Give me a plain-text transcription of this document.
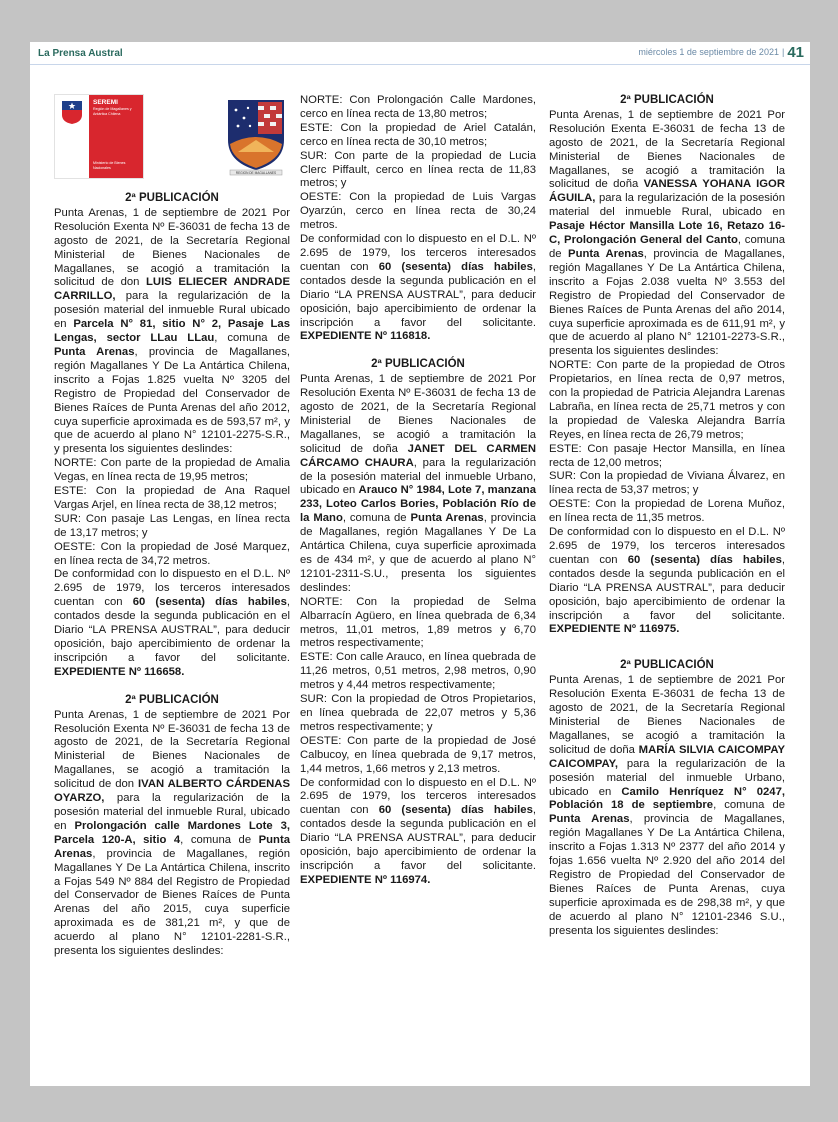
La Prensa Austral	miércoles 1 de septiembre de 2021 | 41
SEREMI
Región de Magallanes y Antártica Chilena
Ministerio de Bienes Nacionales
REGION DE MAGALLANES
2ª PUBLICACIÓN

Punta Arenas, 1 de septiembre de 2021 Por Resolución Exenta Nº E-36031 de fecha 13 de agosto de 2021, de la Secretaría Regional Ministerial de Bienes Nacionales de Magallanes, se acogió a tramitación la solicitud de don LUIS ELIECER ANDRADE CARRILLO, para la regularización de la posesión material del inmueble Rural ubicado en Parcela N° 81, sitio N° 2, Pasaje Las Lengas, sector LLau LLau, comuna de Punta Arenas, provincia de Magallanes, región Magallanes Y De La Antártica Chilena, inscrito a Fojas 1.825 vuelta Nº 3205 del Registro de Propiedad del Conservador de Bienes Raíces de Punta Arenas del año 2012, cuya superficie aproximada es de 593,57 m², y que de acuerdo al plano N° 12101-2275-S.R., y presenta los siguientes deslindes:

NORTE: Con parte de la propiedad de Amalia Vegas, en línea recta de 19,95 metros;

ESTE: Con la propiedad de Ana Raquel Vargas Arjel, en línea recta de 38,12 metros;

SUR: Con pasaje Las Lengas, en línea recta de 13,17 metros; y

OESTE: Con la propiedad de José Marquez, en línea recta de 34,72 metros.

De conformidad con lo dispuesto en el D.L. Nº 2.695 de 1979, los terceros interesados cuentan con 60 (sesenta) días habiles, contados desde la segunda publicación en el Diario “LA PRENSA AUSTRAL”, para deducir oposición, bajo apercibimiento de ordenar la inscripción a favor del solicitante. EXPEDIENTE Nº 116658.

2ª PUBLICACIÓN

Punta Arenas, 1 de septiembre de 2021 Por Resolución Exenta Nº E-36031 de fecha 13 de agosto de 2021, de la Secretaría Regional Ministerial de Bienes Nacionales de Magallanes, se acogió a tramitación la solicitud de don IVAN ALBERTO CÁRDENAS OYARZO, para la regularización de la posesión material del inmueble Rural, ubicado en Prolongación calle Mardones Lote 3, Parcela 120-A, sitio 4, comuna de Punta Arenas, provincia de Magallanes, región Magallanes Y De La Antártica Chilena, inscrito a Fojas 549 Nº 884 del Registro de Propiedad del Conservador de Bienes Raíces de Punta Arenas del año 2015, cuya superficie aproximada es de 381,21 m², y que de acuerdo al plano N° 12101-2281-S.R., presenta los siguientes deslindes:

NORTE: Con Prolongación Calle Mardones, cerco en línea recta de 13,80 metros;

ESTE: Con la propiedad de Ariel Catalán, cerco en línea recta de 30,10 metros;

SUR: Con parte de la propiedad de Lucia Clerc Piffault, cerco en línea recta de 11,83 metros; y

OESTE: Con la propiedad de Luis Vargas Oyarzún, cerco en línea recta de 30,24 metros.

De conformidad con lo dispuesto en el D.L. Nº 2.695 de 1979, los terceros interesados cuentan con 60 (sesenta) días habiles, contados desde la segunda publicación en el Diario “LA PRENSA AUSTRAL”, para deducir oposición, bajo apercibimiento de ordenar la inscripción a favor del solicitante. EXPEDIENTE Nº 116818.

2ª PUBLICACIÓN

Punta Arenas, 1 de septiembre de 2021 Por Resolución Exenta Nº E-36031 de fecha 13 de agosto de 2021, de la Secretaría Regional Ministerial de Bienes Nacionales de Magallanes, se acogió a tramitación la solicitud de doña JANET DEL CARMEN CÁRCAMO CHAURA, para la regularización de la posesión material del inmueble Urbano, ubicado en Arauco N° 1984, Lote 7, manzana 233, Loteo Carlos Bories, Población Río de la Mano, comuna de Punta Arenas, provincia de Magallanes, región Magallanes Y De La Antártica Chilena, cuya superficie aproximada es de 434 m², y que de acuerdo al plano N° 12101-2311-S.U., presenta los siguientes deslindes:

NORTE: Con la propiedad de Selma Albarracín Agüero, en línea quebrada de 6,34 metros, 11,01 metros, 1,89 metros y 6,70 metros respectivamente;

ESTE: Con calle Arauco, en línea quebrada de 11,26 metros, 0,51 metros, 2,98 metros, 0,90 metros y 4,44 metros respectivamente;

SUR: Con la propiedad de Otros Propietarios, en línea quebrada de 22,07 metros y 5,36 metros respectivamente; y

OESTE: Con parte de la propiedad de José Calbucoy, en línea quebrada de 9,17 metros, 1,44 metros, 1,66 metros y 2,13 metros.

De conformidad con lo dispuesto en el D.L. Nº 2.695 de 1979, los terceros interesados cuentan con 60 (sesenta) días habiles, contados desde la segunda publicación en el Diario “LA PRENSA AUSTRAL”, para deducir oposición, bajo apercibimiento de ordenar la inscripción a favor del solicitante. EXPEDIENTE Nº 116974.

2ª PUBLICACIÓN

Punta Arenas, 1 de septiembre de 2021 Por Resolución Exenta E-36031 de fecha 13 de agosto de 2021, de la Secretaría Regional Ministerial de Bienes Nacionales de Magallanes, se acogió a tramitación la solicitud de doña VANESSA YOHANA IGOR ÁGUILA, para la regularización de la posesión material del inmueble Rural, ubicado en Pasaje Héctor Mansilla Lote 16, Retazo 16-C, Prolongación General del Canto, comuna de Punta Arenas, provincia de Magallanes, región Magallanes Y De La Antártica Chilena, inscrito a Fojas 2.038 vuelta Nº 3.553 del Registro de Propiedad del Conservador de Bienes Raíces de Punta Arenas del año 2014, cuya superficie aproximada es de 611,91 m², y que de acuerdo al plano N° 12101-2273-S.R., presenta los siguientes deslindes:

NORTE: Con parte de la propiedad de Otros Propietarios, en línea recta de 0,97 metros, con la propiedad de Patricia Alejandra Larenas Labraña, en línea recta de 25,71 metros y con la propiedad de Valeska Alejandra Barría Reyes, en línea recta de 26,79 metros;

ESTE: Con pasaje Hector Mansilla, en línea recta de 12,00 metros;

SUR: Con la propiedad de Viviana Álvarez, en línea recta de 53,37 metros; y

OESTE: Con la propiedad de Lorena Muñoz, en línea recta de 11,35 metros.

De conformidad con lo dispuesto en el D.L. Nº 2.695 de 1979, los terceros interesados cuentan con 60 (sesenta) días habiles, contados desde la segunda publicación en el Diario “LA PRENSA AUSTRAL”, para deducir oposición, bajo apercibimiento de ordenar la inscripción a favor del solicitante. EXPEDIENTE Nº 116975.

2ª PUBLICACIÓN

Punta Arenas, 1 de septiembre de 2021 Por Resolución Exenta E-36031 de fecha 13 de agosto de 2021, de la Secretaría Regional Ministerial de Bienes Nacionales de Magallanes, se acogió a tramitación la solicitud de doña MARÍA SILVIA CAICOMPAY CAICOMPAY, para la regularización de la posesión material del inmueble Urbano, ubicado en Camilo Henríquez N° 0247, Población 18 de septiembre, comuna de Punta Arenas, provincia de Magallanes, región Magallanes Y De La Antártica Chilena, inscrito a Fojas 1.313 Nº 2377 del año 2014 y fojas 1.656 vuelta Nº 2.920 del año 2014 del Registro de Propiedad del Conservador de Bienes Raíces de Punta Arenas, cuya superficie aproximada es de 298,38 m², y que de acuerdo al plano N° 12101-2346 S.U., presenta los siguientes deslindes:
